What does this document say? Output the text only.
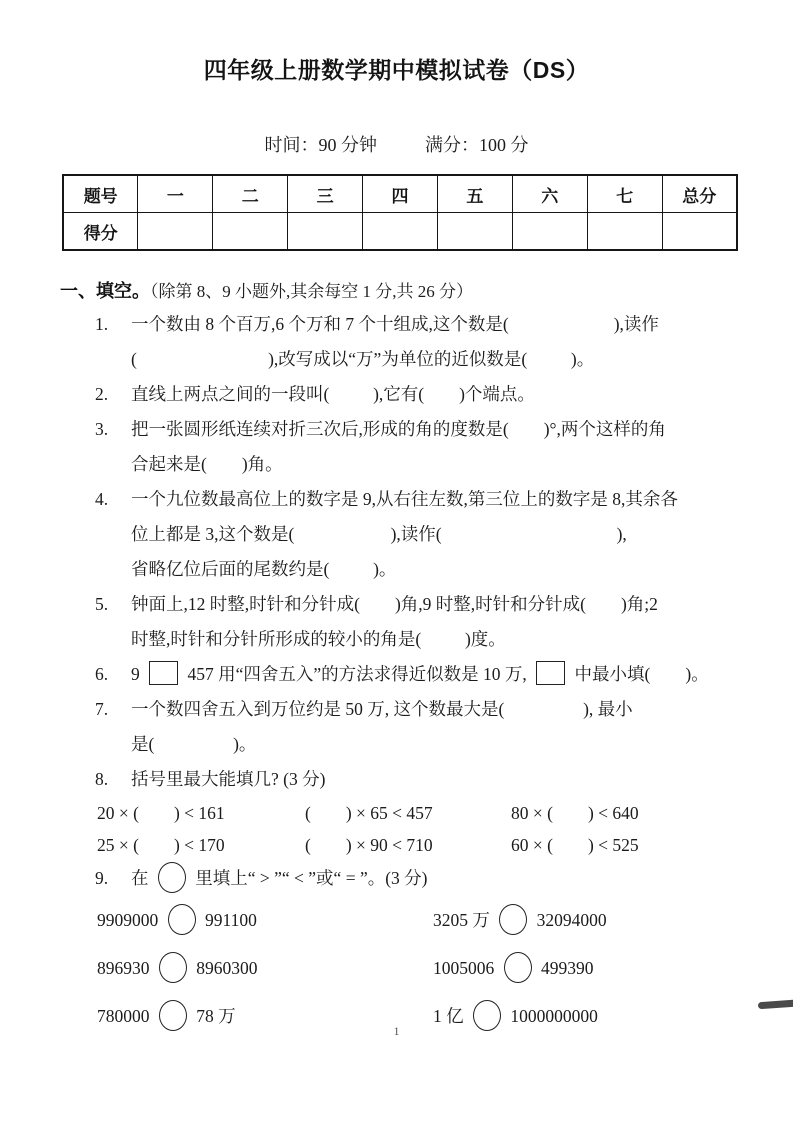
四年级上册数学期中模拟试卷（DS）
时间：90 分钟	满分：100 分
题号	一	二	三	四	五	六	七	总分
得分								
一、填空。（除第 8、9 小题外,其余每空 1 分,共 26 分）
1.	一个数由 8 个百万,6 个万和 7 个十组成,这个数是(                        ),读作
(                              ),改写成以“万”为单位的近似数是(          )。
2.	直线上两点之间的一段叫(          ),它有(        )个端点。
3.	把一张圆形纸连续对折三次后,形成的角的度数是(        )°,两个这样的角
合起来是(        )角。
4.	一个九位数最高位上的数字是 9,从右往左数,第三位上的数字是 8,其余各
位上都是 3,这个数是(                      ),读作(                                        ),
省略亿位后面的尾数约是(          )。
5.	钟面上,12 时整,时针和分针成(        )角,9 时整,时针和分针成(        )角;2
时整,时针和分针所形成的较小的角是(          )度。
6.	9  457 用“四舍五入”的方法求得近似数是 10 万,  中最小填(        )。
7.	一个数四舍五入到万位约是 50 万, 这个数最大是(                  ), 最小
是(                  )。
8.	括号里最大能填几? (3 分)
20 × (        ) < 161	(        ) × 65 < 457	80 × (        ) < 640
25 × (        ) < 170	(        ) × 90 < 710	60 × (        ) < 525
9.	在  里填上“ > ”“ < ”或“ = ”。(3 分)
9909000  991100	3205 万  32094000
896930  8960300	1005006  499390
780000  78 万	1 亿  1000000000
1
